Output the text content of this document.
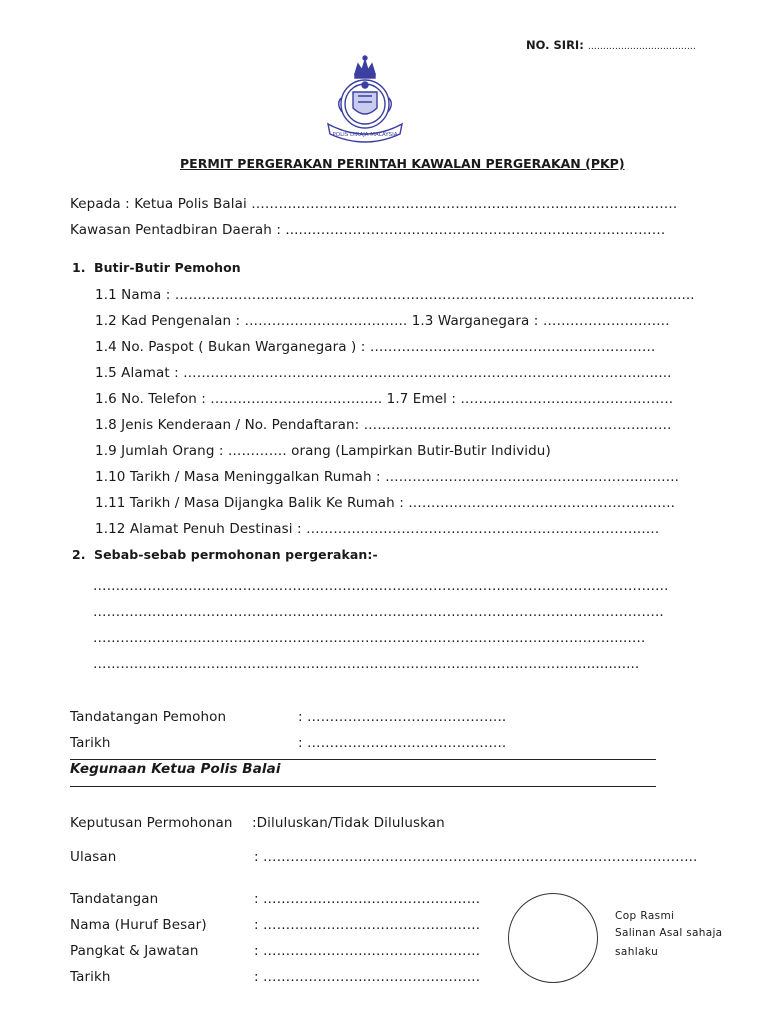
NO. SIRI: ………………………………
POLIS DIRAJA MALAYSIA
PERMIT PERGERAKAN PERINTAH KAWALAN PERGERAKAN (PKP)
Kepada : Ketua Polis Balai ………………………………………………………………………………….
Kawasan Pentadbiran Daerah : ......……………………………………………………………………
1. Butir-Butir Pemohon
1.1 Nama : ……………………………………………………………………………………………..........
1.2 Kad Pengenalan : ……………………………... 1.3 Warganegara : ……………………….
1.4 No. Paspot ( Bukan Warganegara ) : ………………………………………………………
1.5 Alamat : ……………………………………………………………………………………….........
1.6 No. Telefon : ……………………………….. 1.7 Emel : ………………………………………..
1.8 Jenis Kenderaan / No. Pendaftaran: ……………………………………………..……………
1.9 Jumlah Orang : …………. orang (Lampirkan Butir-Butir Individu)
1.10 Tarikh / Masa Meninggalkan Rumah : ………………………………………………...……..
1.11 Tarikh / Masa Dijangka Balik Ke Rumah : ……………………………………………...…..
1.12 Alamat Penuh Destinasi : ………………………………………………………………..….
2. Sebab-sebab permohonan pergerakan:-
…………………………………………………………………………………………………………….…
……………………………………………………………………………………………………….……..
……………………………………………………………………………………………………....….
……………………………………………………………………………………………................
Tandatangan Pemohon	: ……………………………………..
Tarikh	: ……………………………………..
Kegunaan Ketua Polis Balai
Keputusan Permohonan :Diluluskan/Tidak Diluluskan
Ulasan	: …………………...……………………………………………………………...
Tandatangan	: …………………...……………………
Nama (Huruf Besar)	: …………………...……………………
Pangkat & Jawatan	: …………………...……………………
Tarikh	: …………………...……………………
Cop Rasmi
Salinan Asal sahaja
sahlaku
